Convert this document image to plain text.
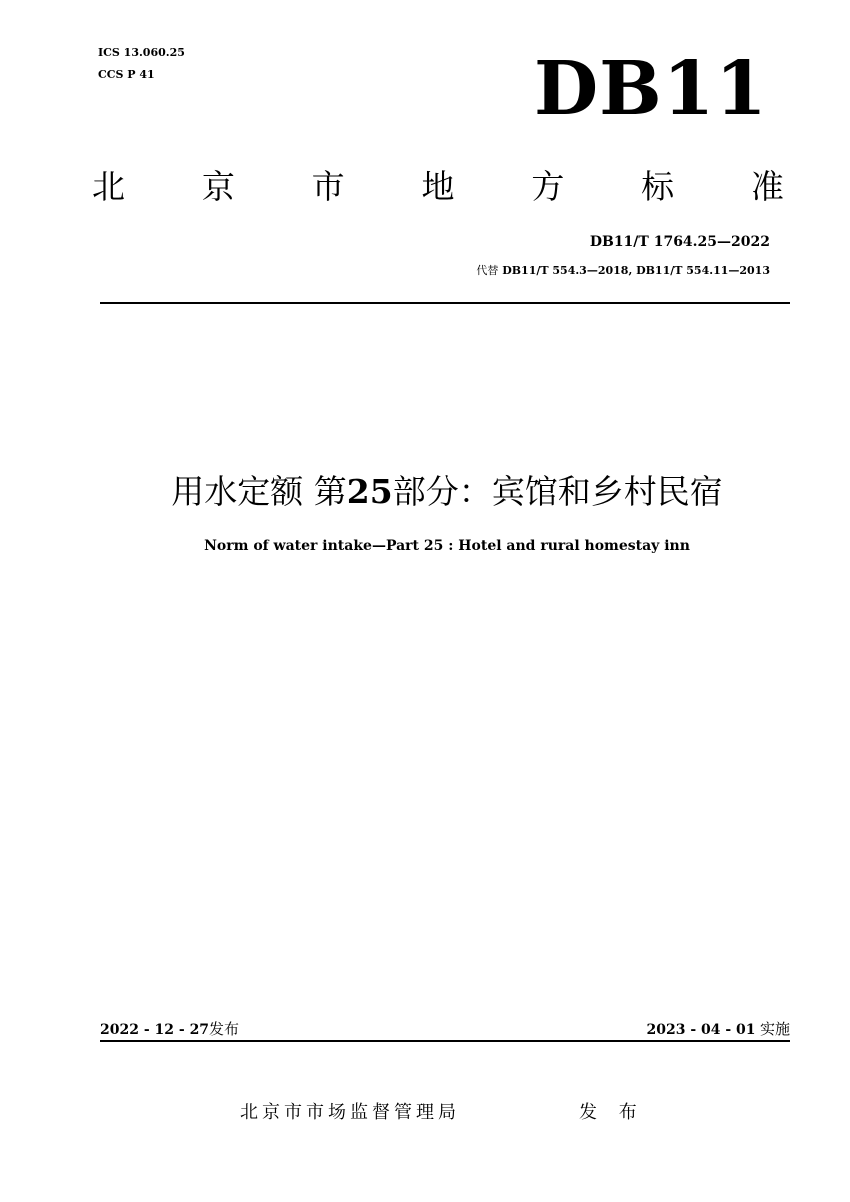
ICS 13.060.25
CCS P 41	DB11
北 京 市 地 方 标 准
DB11/T 1764.25—2022
代替 DB11/T 554.3—2018, DB11/T 554.11—2013
用水定额 第25部分：宾馆和乡村民宿
Norm of water intake—Part 25 : Hotel and rural homestay inn
2022 - 12 - 27发布	2023 - 04 - 01 实施
北京市市场监督管理局	发 布
